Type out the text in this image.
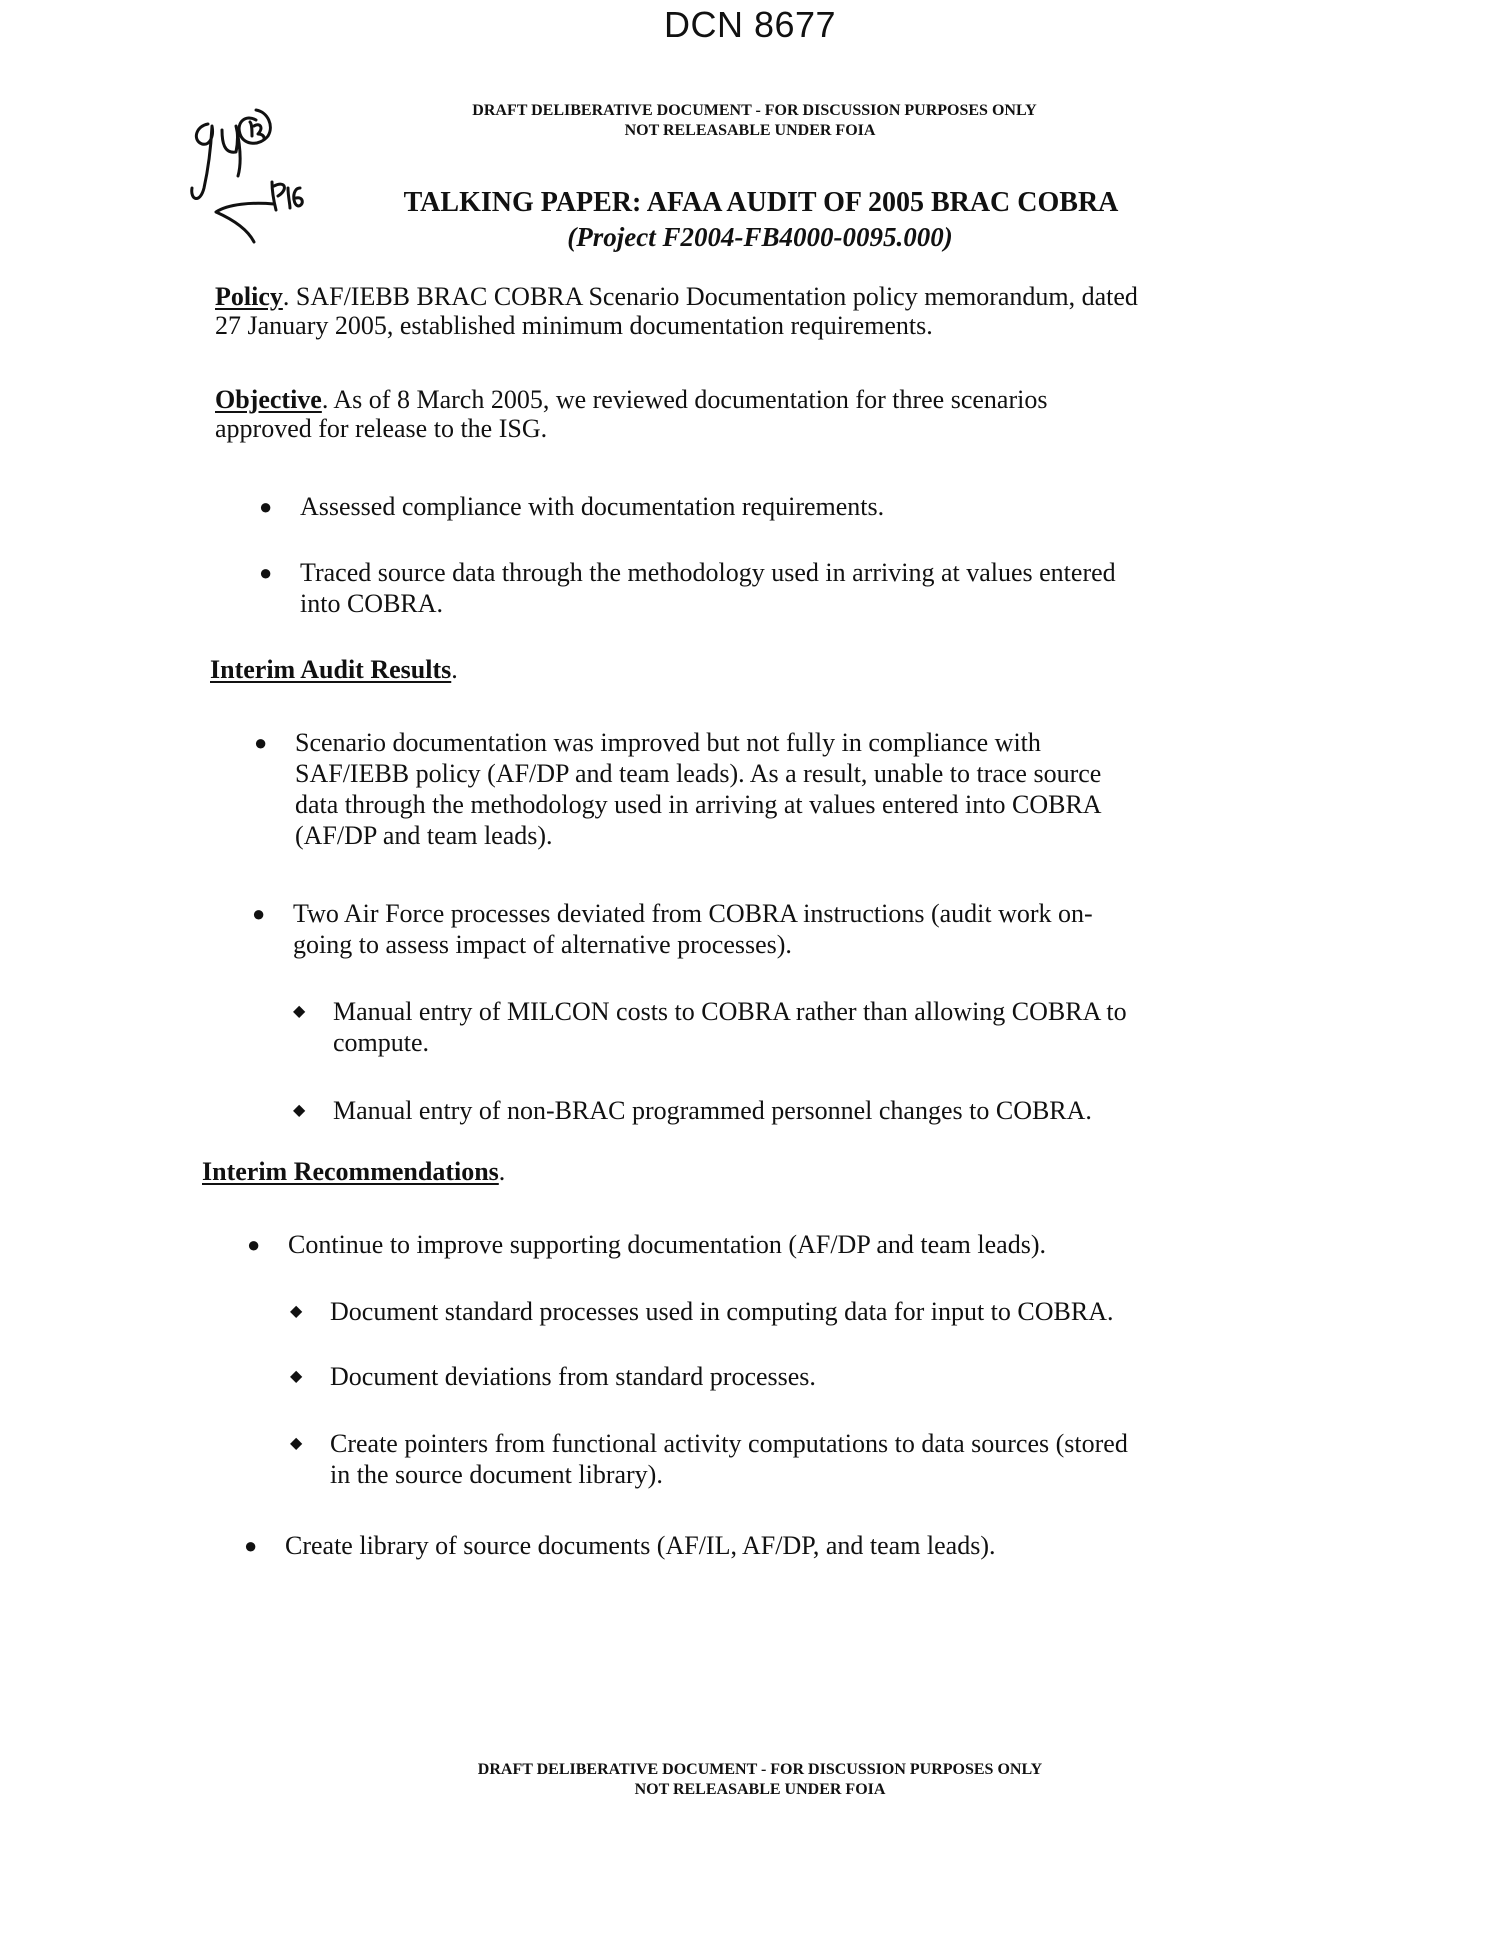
DCN 8677
DRAFT DELIBERATIVE DOCUMENT - FOR DISCUSSION PURPOSES ONLY
NOT RELEASABLE UNDER FOIA
TALKING PAPER: AFAA AUDIT OF 2005 BRAC COBRA
(Project F2004-FB4000-0095.000)
Policy. SAF/IEBB BRAC COBRA Scenario Documentation policy memorandum, dated
27 January 2005, established minimum documentation requirements.
Objective. As of 8 March 2005, we reviewed documentation for three scenarios
approved for release to the ISG.
● Assessed compliance with documentation requirements.
● Traced source data through the methodology used in arriving at values entered
into COBRA.
Interim Audit Results.
● Scenario documentation was improved but not fully in compliance with
SAF/IEBB policy (AF/DP and team leads). As a result, unable to trace source
data through the methodology used in arriving at values entered into COBRA
(AF/DP and team leads).
● Two Air Force processes deviated from COBRA instructions (audit work on-
going to assess impact of alternative processes).
◆ Manual entry of MILCON costs to COBRA rather than allowing COBRA to
compute.
◆ Manual entry of non-BRAC programmed personnel changes to COBRA.
Interim Recommendations.
● Continue to improve supporting documentation (AF/DP and team leads).
◆ Document standard processes used in computing data for input to COBRA.
◆ Document deviations from standard processes.
◆ Create pointers from functional activity computations to data sources (stored
in the source document library).
● Create library of source documents (AF/IL, AF/DP, and team leads).
DRAFT DELIBERATIVE DOCUMENT - FOR DISCUSSION PURPOSES ONLY
NOT RELEASABLE UNDER FOIA
